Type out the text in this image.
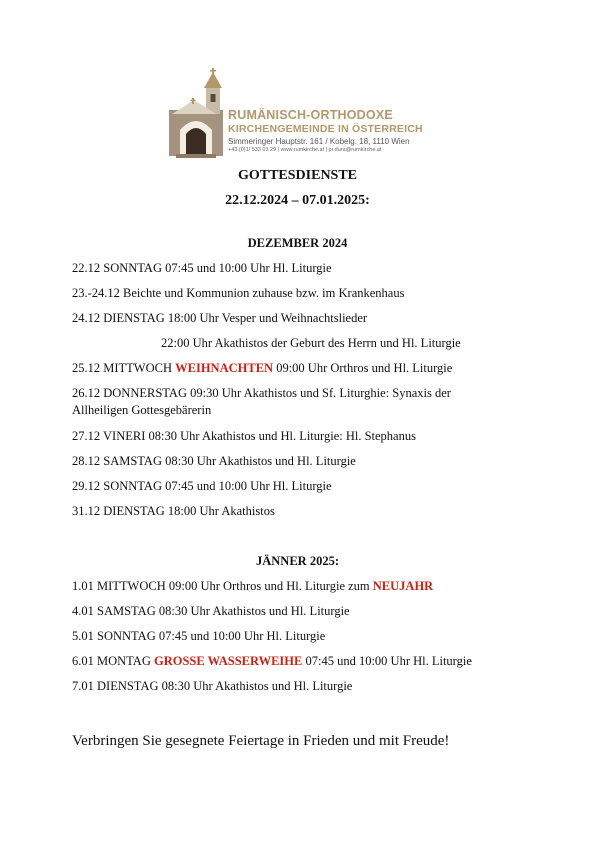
RUMÄNISCH-ORTHODOXE
KIRCHENGEMEINDE IN ÖSTERREICH
Simmeringer Hauptstr. 161 / Kobelg. 18, 1110 Wien
+43 (0)1/ 533 03 29 | www.rumkirche.at | pr.dura@rumkirche.at
GOTTESDIENSTE
22.12.2024 – 07.01.2025:
DEZEMBER 2024
22.12 SONNTAG 07:45 und 10:00 Uhr Hl. Liturgie
23.-24.12 Beichte und Kommunion zuhause bzw. im Krankenhaus
24.12 DIENSTAG 18:00 Uhr Vesper und Weihnachtslieder
22:00 Uhr Akathistos der Geburt des Herrn und Hl. Liturgie
25.12 MITTWOCH WEIHNACHTEN 09:00 Uhr Orthros und Hl. Liturgie
26.12 DONNERSTAG 09:30 Uhr Akathistos und Sf. Liturghie: Synaxis der
Allheiligen Gottesgebärerin
27.12 VINERI 08:30 Uhr Akathistos und Hl. Liturgie: Hl. Stephanus
28.12 SAMSTAG 08:30 Uhr Akathistos und Hl. Liturgie
29.12 SONNTAG 07:45 und 10:00 Uhr Hl. Liturgie
31.12 DIENSTAG 18:00 Uhr Akathistos
JÄNNER 2025:
1.01 MITTWOCH 09:00 Uhr Orthros und Hl. Liturgie zum NEUJAHR
4.01 SAMSTAG 08:30 Uhr Akathistos und Hl. Liturgie
5.01 SONNTAG 07:45 und 10:00 Uhr Hl. Liturgie
6.01 MONTAG GROSSE WASSERWEIHE 07:45 und 10:00 Uhr Hl. Liturgie
7.01 DIENSTAG 08:30 Uhr Akathistos und Hl. Liturgie
Verbringen Sie gesegnete Feiertage in Frieden und mit Freude!
